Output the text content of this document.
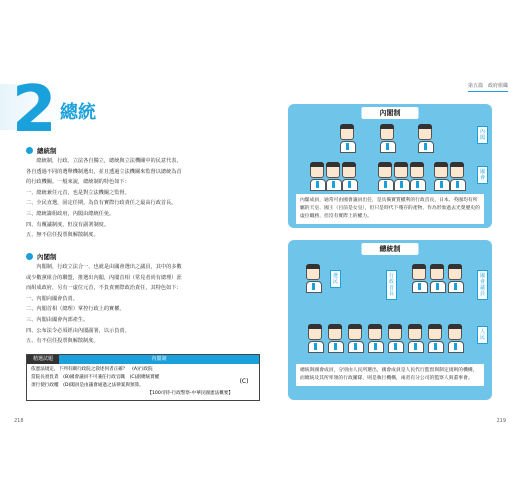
第五篇　政府組織
2 總統
總統制

　　總統制，行政、立法各自獨立，總統與立法機關中的民意代表，

各自透過不同的選舉機制選出，並且透過立法機關來監督以總統為首

的行政機關。一般來說，總統制的特色如下：

一、總統兼任元首，也是對立法機關之監督。

二、全民直選，固定任期，為負有實際行政責任之最高行政首長。

三、總統籌組政府，內閣由總統任免。

四、有覆議制度，但沒有副署制度。

五、無不信任投票與解散制度。

內閣制

　　內閣制，行政立法合一，也就是由國會選出之議員，其中的多數

或少數黨組合的聯盟，推選出內閣，內閣首相（常見者尚有總理）涯

而組成政府，另有一虛位元首，不負責實際政治責任，其特色如下：

一、內閣向國會負責。

二、內閣首相（總理）掌控行政上的實權。

三、內閣由國會內部產生。

四、公布法令必須經由內閣副署，以示負責。

五、有不信任投票與解散制度。

精選試題	內閣制
依憲法規定，下列有關行政院之敘述何者正確？　(A)行政院
當院長須負責　(B)國會議員不可兼任行政官職　(C)副總統實權
須行使行政權　(D)閣員是由議會通過之法律案與預算。
【100司特-行政警察-中華民國憲法概要】
(C)
218	219
內閣制
內閣
國會
內閣成員，通常可由國會議員出任，是具備實質權利的行政首長，日本、英國均有所屬的天皇、國王（目前是女皇），但只是時代下殘存的產物，作為形象過去光榮歷史的虛位職務，但沒有實際上的權力。
總統制
選民
行政首長
國會議員
人民
總統與國會成員，分別由人民所選出，國會成員是人民代行監督與制定規則的機構，而總統及其所率領的行政團隊，則是執行機構，兩者有分公司的監察人與董事會。
